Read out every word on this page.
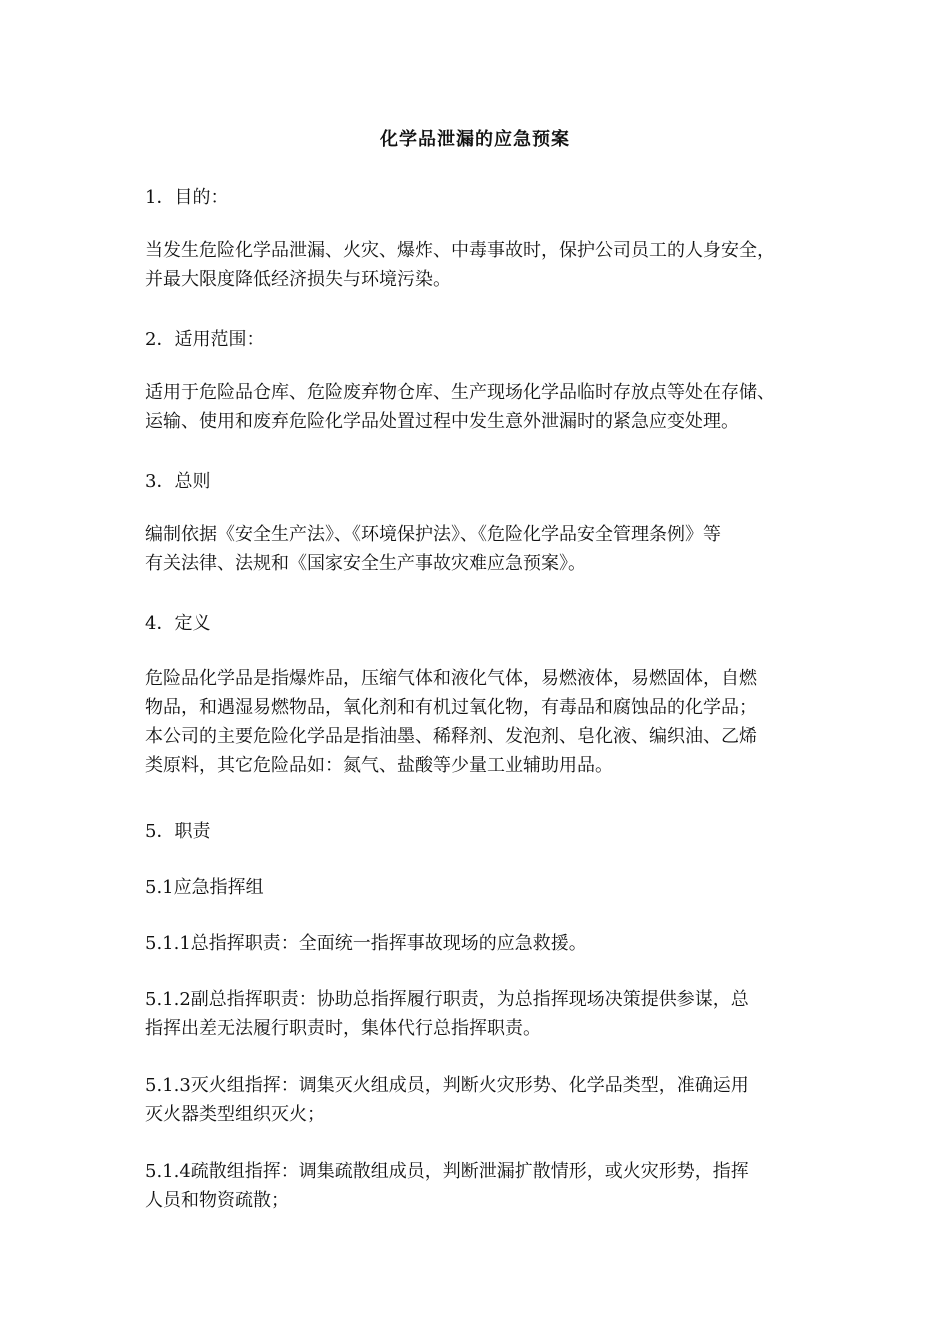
化学品泄漏的应急预案
1．目的：
当发生危险化学品泄漏、火灾、爆炸、中毒事故时，保护公司员工的人身安全，
并最大限度降低经济损失与环境污染。
2．适用范围：
适用于危险品仓库、危险废弃物仓库、生产现场化学品临时存放点等处在存储、
运输、使用和废弃危险化学品处置过程中发生意外泄漏时的紧急应变处理。
3．总则
编制依据《安全生产法》、《环境保护法》、《危险化学品安全管理条例》等
有关法律、法规和《国家安全生产事故灾难应急预案》。
4．定义
危险品化学品是指爆炸品，压缩气体和液化气体，易燃液体，易燃固体，自燃
物品，和遇湿易燃物品，氧化剂和有机过氧化物，有毒品和腐蚀品的化学品；
本公司的主要危险化学品是指油墨、稀释剂、发泡剂、皂化液、编织油、乙烯
类原料，其它危险品如：氮气、盐酸等少量工业辅助用品。
5．职责
5.1应急指挥组
5.1.1总指挥职责：全面统一指挥事故现场的应急救援。
5.1.2副总指挥职责：协助总指挥履行职责，为总指挥现场决策提供参谋，总
指挥出差无法履行职责时，集体代行总指挥职责。
5.1.3灭火组指挥：调集灭火组成员，判断火灾形势、化学品类型，准确运用
灭火器类型组织灭火；
5.1.4疏散组指挥：调集疏散组成员，判断泄漏扩散情形，或火灾形势，指挥
人员和物资疏散；
